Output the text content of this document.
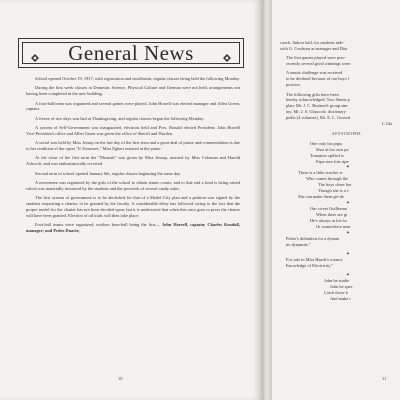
General News

School opened October 19, 1917, with registration and enrollment, regular classes being held the following Monday.

During the first week classes in Domestic Science, Physical Culture and German were not held, arrangements not having been completed in the new building.

A foot-ball team was organized and several games were played. John Horrell was elected manager and Allen Green, captain.

A freeze of two days was had at Thanksgiving, and regular classes began the following Monday.

A system of Self-Government was inaugurated, elections held and Pres. Ronald elected President; John Horrell Vice-President's office and Allen Green was given the office of Sheriff and Warden.

A social was held by Miss Jessup on the last day of the first term and a great deal of praise and commendation is due to her rendition of the opera "It Treasures." Miss Egbert assisted at the piano.

At the close of the first term the "Messiah" was given by Miss Jessup, assisted by Miss Coleman and Harold Ashcroft, and was enthusiastically received.

Second term of school opened January 6th, regular classes beginning the same day.

A movement was organized by the girls of the school to obtain tennis courts, and to that end a fund is being raised which was materially increased by the students and the proceeds of several candy sales.

The first system of government is to be abolished for that of a Model City plan and a petition was signed by the students requesting a charter, to be granted by the faculty. A considerable delay has followed owing to the fact that the proper model for the charter has not been decided upon, but it is understood that when this once goes to press the charter will have been granted. Election of officials will then take place.

Foot-ball teams were organized; outdoor base-ball being the first— John Horrell, captain; Charles Kendall, manager; and Pedro Duarte,

10

coach. Indoor ball, for students indi-
with G. Coulston as manager and Dita

The first games played were prac-
recently several good winnings were

A tennis challenge was received
to be declined because of our boys l
practice.

The following gifts have been
hereby acknowledged: Two Sinnis p
plan; Mr. J. C. Brainerd; group sim
ary, Mr. J. S. Glascock: dictionary
pedia (4 volumes), Mr. E. L. Gossett
L.Gla

APOSTROPHE
One only his papa
Shot at his own pa
Tomatoes spilled w
Papa now hits ripe
✦
There is a little teacher w
Who comes through the
The boys cheer her
Though she is a v
She can make them get de
✦
Our sweet Guillermo
When there are gi
He's always at his bo
Or somewhere near
✦

Pedro's definition for a dynam
no dynamite."

✦

For sale in Miss Haack's roomw
Knowledge of Electricity."

✦
John he studie
John he spea
Catch those b
And make t
11
